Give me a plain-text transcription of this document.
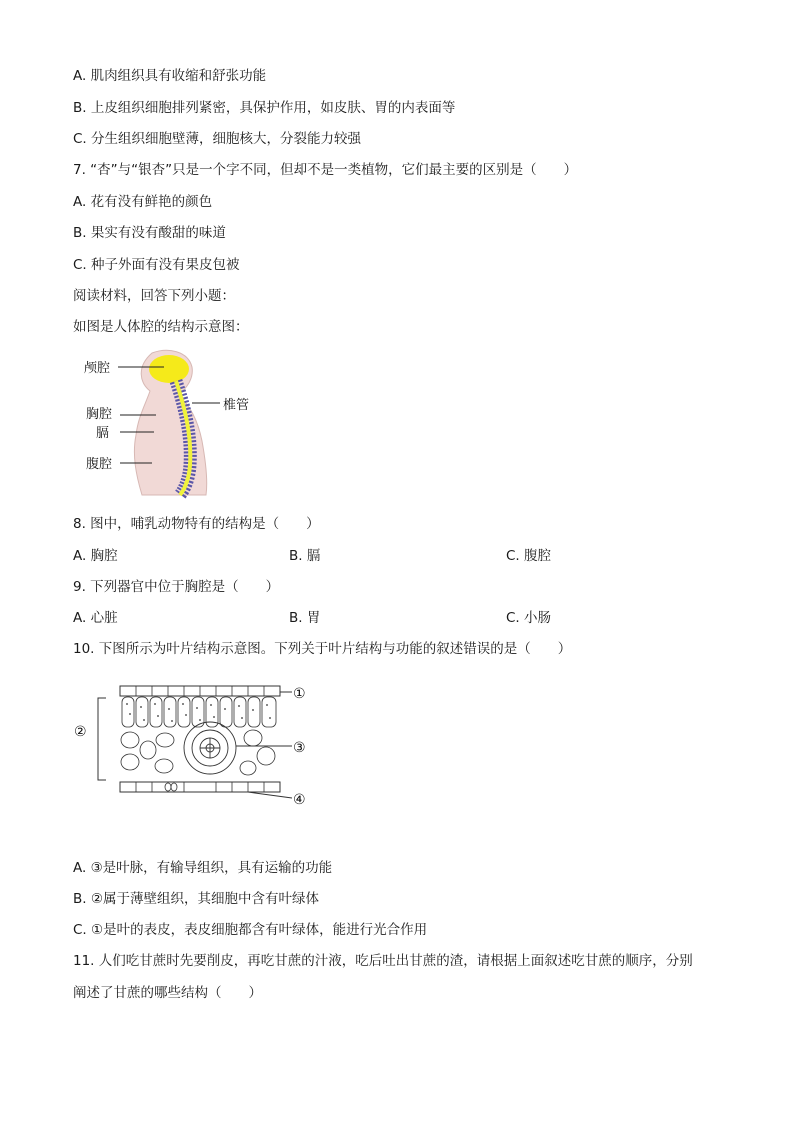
A. 肌肉组织具有收缩和舒张功能
B. 上皮组织细胞排列紧密，具保护作用，如皮肤、胃的内表面等
C. 分生组织细胞壁薄，细胞核大，分裂能力较强
7. “杏”与“银杏”只是一个字不同，但却不是一类植物，它们最主要的区别是（　　）
A. 花有没有鲜艳的颜色
B. 果实有没有酸甜的味道
C. 种子外面有没有果皮包被
阅读材料，回答下列小题：
如图是人体腔的结构示意图：
颅腔
椎管
胸腔
膈
腹腔
8. 图中，哺乳动物特有的结构是（　　）
A. 胸腔	B. 膈	C. 腹腔
9. 下列器官中位于胸腔是（　　）
A. 心脏	B. 胃	C. 小肠
10. 下图所示为叶片结构示意图。下列关于叶片结构与功能的叙述错误的是（　　）
①
②
③
④
A. ③是叶脉，有输导组织，具有运输的功能
B. ②属于薄壁组织，其细胞中含有叶绿体
C. ①是叶的表皮，表皮细胞都含有叶绿体，能进行光合作用
11. 人们吃甘蔗时先要削皮，再吃甘蔗的汁液，吃后吐出甘蔗的渣，请根据上面叙述吃甘蔗的顺序，分别
阐述了甘蔗的哪些结构（　　）
